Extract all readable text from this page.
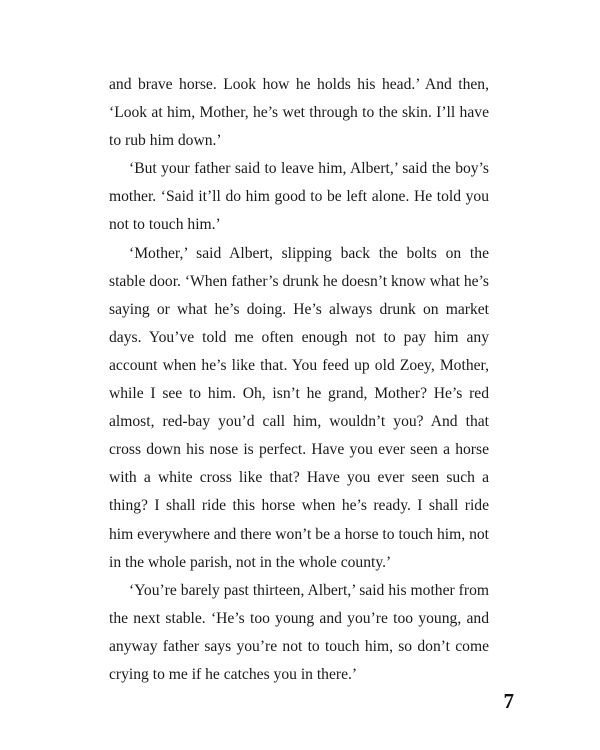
and brave horse. Look how he holds his head.’ And then, ‘Look at him, Mother, he’s wet through to the skin. I’ll have to rub him down.’

‘But your father said to leave him, Albert,’ said the boy’s mother. ‘Said it’ll do him good to be left alone. He told you not to touch him.’

‘Mother,’ said Albert, slipping back the bolts on the stable door. ‘When father’s drunk he doesn’t know what he’s saying or what he’s doing. He’s always drunk on market days. You’ve told me often enough not to pay him any account when he’s like that. You feed up old Zoey, Mother, while I see to him. Oh, isn’t he grand, Mother? He’s red almost, red-bay you’d call him, wouldn’t you? And that cross down his nose is perfect. Have you ever seen a horse with a white cross like that? Have you ever seen such a thing? I shall ride this horse when he’s ready. I shall ride him everywhere and there won’t be a horse to touch him, not in the whole parish, not in the whole county.’

‘You’re barely past thirteen, Albert,’ said his mother from the next stable. ‘He’s too young and you’re too young, and anyway father says you’re not to touch him, so don’t come crying to me if he catches you in there.’

7
